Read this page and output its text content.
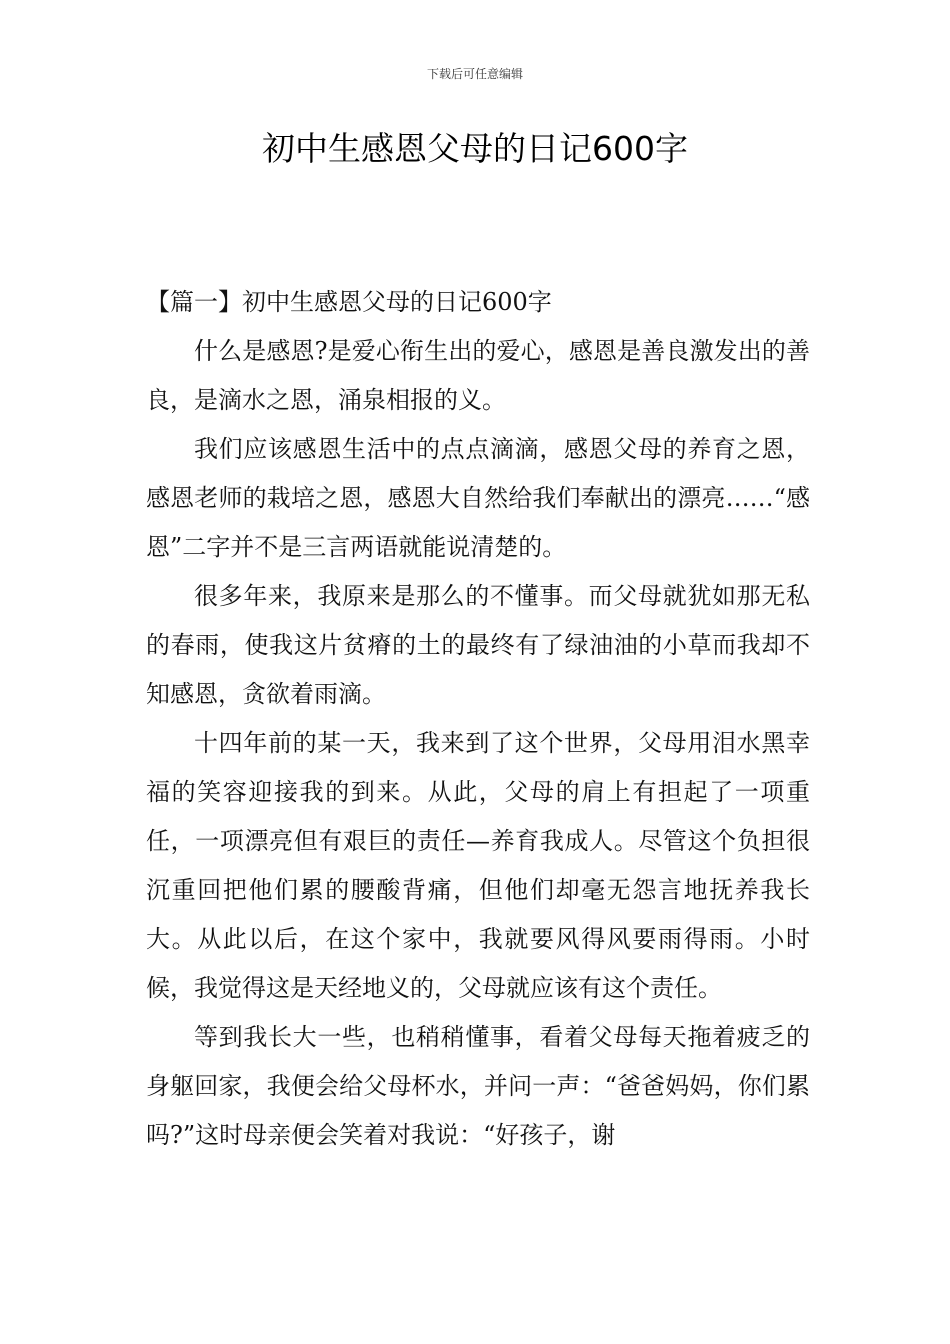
下载后可任意编辑
初中生感恩父母的日记600字
【篇一】初中生感恩父母的日记600字

什么是感恩?是爱心衔生出的爱心，感恩是善良激发出的善良，是滴水之恩，涌泉相报的义。

我们应该感恩生活中的点点滴滴，感恩父母的养育之恩，感恩老师的栽培之恩，感恩大自然给我们奉献出的漂亮……“感恩”二字并不是三言两语就能说清楚的。

很多年来，我原来是那么的不懂事。而父母就犹如那无私的春雨，使我这片贫瘠的土的最终有了绿油油的小草而我却不知感恩，贪欲着雨滴。

十四年前的某一天，我来到了这个世界，父母用泪水黑幸福的笑容迎接我的到来。从此，父母的肩上有担起了一项重任，一项漂亮但有艰巨的责任—养育我成人。尽管这个负担很沉重回把他们累的腰酸背痛，但他们却毫无怨言地抚养我长大。从此以后，在这个家中，我就要风得风要雨得雨。小时候，我觉得这是天经地义的，父母就应该有这个责任。

等到我长大一些，也稍稍懂事，看着父母每天拖着疲乏的身躯回家，我便会给父母杯水，并问一声：“爸爸妈妈，你们累吗?”这时母亲便会笑着对我说：“好孩子，谢
